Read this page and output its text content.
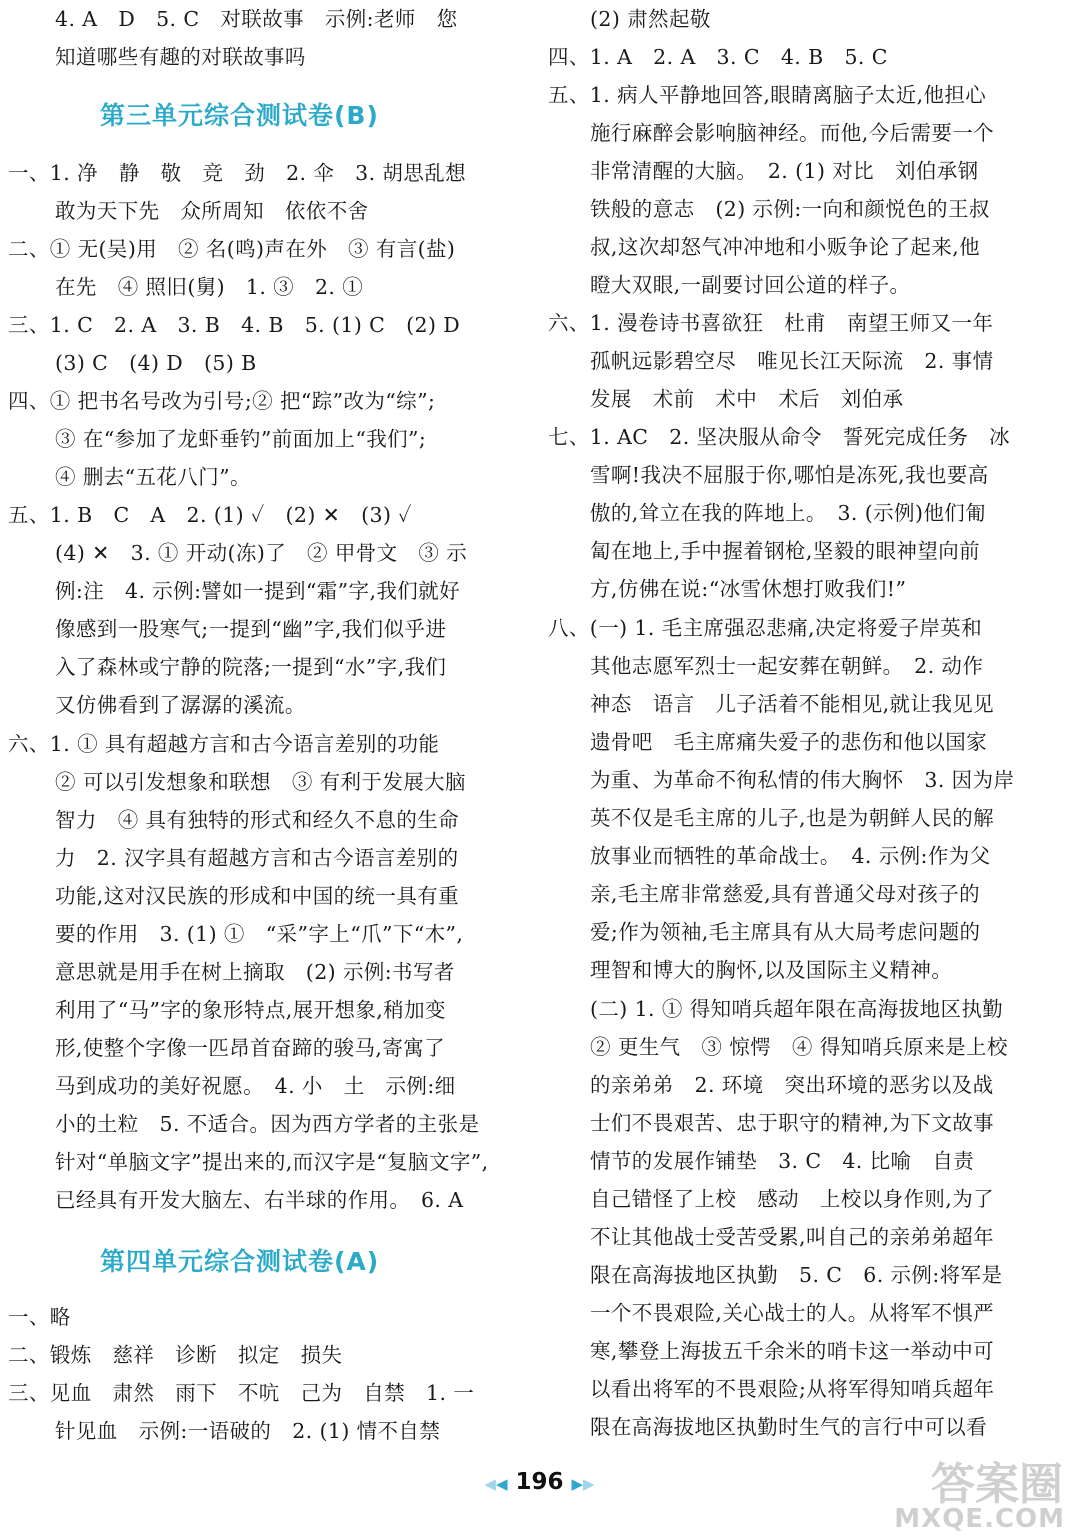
4. A　D　5. C　对联故事　示例:老师　您
知道哪些有趣的对联故事吗
第三单元综合测试卷(B)
一、1. 净　静　敬　竞　劲　2. 伞　3. 胡思乱想
敢为天下先　众所周知　依依不舍
二、① 无(吴)用　② 名(鸣)声在外　③ 有言(盐)
在先　④ 照旧(舅)　1. ③　2. ①
三、1. C　2. A　3. B　4. B　5. (1) C　(2) D
(3) C　(4) D　(5) B
四、① 把书名号改为引号;② 把“踪”改为“综”;
③ 在“参加了龙虾垂钓”前面加上“我们”;
④ 删去“五花八门”。
五、1. B　C　A　2. (1) ✓　(2) ✕　(3) ✓
(4) ✕　3. ① 开动(冻)了　② 甲骨文　③ 示
例:注　4. 示例:譬如一提到“霜”字,我们就好
像感到一股寒气;一提到“幽”字,我们似乎进
入了森林或宁静的院落;一提到“水”字,我们
又仿佛看到了潺潺的溪流。
六、1. ① 具有超越方言和古今语言差别的功能
② 可以引发想象和联想　③ 有利于发展大脑
智力　④ 具有独特的形式和经久不息的生命
力　2. 汉字具有超越方言和古今语言差别的
功能,这对汉民族的形成和中国的统一具有重
要的作用　3. (1) ①　“采”字上“爪”下“木”,
意思就是用手在树上摘取　(2) 示例:书写者
利用了“马”字的象形特点,展开想象,稍加变
形,使整个字像一匹昂首奋蹄的骏马,寄寓了
马到成功的美好祝愿。　4. 小　土　示例:细
小的土粒　5. 不适合。因为西方学者的主张是
针对“单脑文字”提出来的,而汉字是“复脑文字”,
已经具有开发大脑左、右半球的作用。　6. A
第四单元综合测试卷(A)
一、略
二、锻炼　慈祥　诊断　拟定　损失
三、见血　肃然　雨下　不吭　己为　自禁　1. 一
针见血　示例:一语破的　2. (1) 情不自禁
(2) 肃然起敬
四、1. A　2. A　3. C　4. B　5. C
五、1. 病人平静地回答,眼睛离脑子太近,他担心
施行麻醉会影响脑神经。而他,今后需要一个
非常清醒的大脑。　2. (1) 对比　刘伯承钢
铁般的意志　(2) 示例:一向和颜悦色的王叔
叔,这次却怒气冲冲地和小贩争论了起来,他
瞪大双眼,一副要讨回公道的样子。
六、1. 漫卷诗书喜欲狂　杜甫　南望王师又一年
孤帆远影碧空尽　唯见长江天际流　2. 事情
发展　术前　术中　术后　刘伯承
七、1. AC　2. 坚决服从命令　誓死完成任务　冰
雪啊!我决不屈服于你,哪怕是冻死,我也要高
傲的,耸立在我的阵地上。　3. (示例)他们匍
匐在地上,手中握着钢枪,坚毅的眼神望向前
方,仿佛在说:“冰雪休想打败我们!”
八、(一) 1. 毛主席强忍悲痛,决定将爱子岸英和
其他志愿军烈士一起安葬在朝鲜。　2. 动作
神态　语言　儿子活着不能相见,就让我见见
遗骨吧　毛主席痛失爱子的悲伤和他以国家
为重、为革命不徇私情的伟大胸怀　3. 因为岸
英不仅是毛主席的儿子,也是为朝鲜人民的解
放事业而牺牲的革命战士。　4. 示例:作为父
亲,毛主席非常慈爱,具有普通父母对孩子的
爱;作为领袖,毛主席具有从大局考虑问题的
理智和博大的胸怀,以及国际主义精神。
(二) 1. ① 得知哨兵超年限在高海拔地区执勤
② 更生气　③ 惊愕　④ 得知哨兵原来是上校
的亲弟弟　2. 环境　突出环境的恶劣以及战
士们不畏艰苦、忠于职守的精神,为下文故事
情节的发展作铺垫　3. C　4. 比喻　自责
自己错怪了上校　感动　上校以身作则,为了
不让其他战士受苦受累,叫自己的亲弟弟超年
限在高海拔地区执勤　5. C　6. 示例:将军是
一个不畏艰险,关心战士的人。从将军不惧严
寒,攀登上海拔五千余米的哨卡这一举动中可
以看出将军的不畏艰险;从将军得知哨兵超年
限在高海拔地区执勤时生气的言行中可以看
◀◀ 196 ▶▶	答案圈
MXQE.COM
